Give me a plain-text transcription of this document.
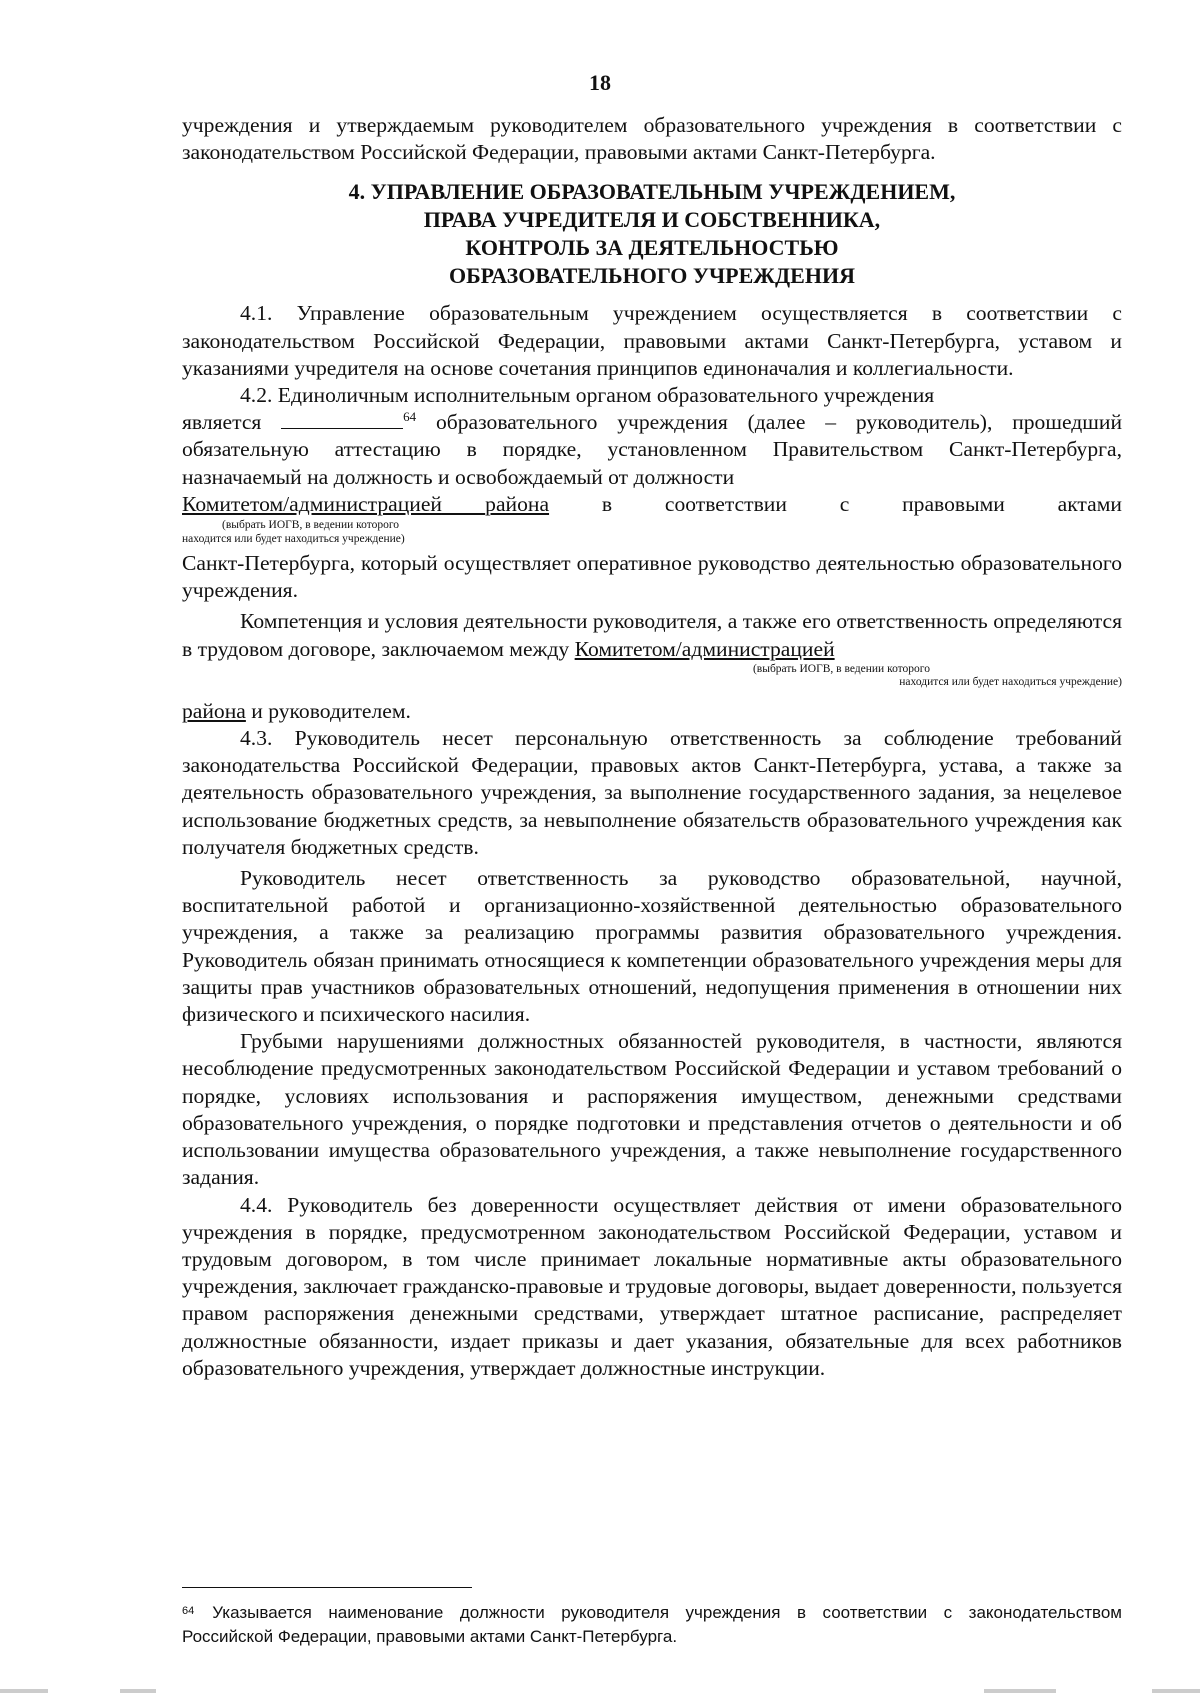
18

учреждения и утверждаемым руководителем образовательного учреждения в соответствии с законодательством Российской Федерации, правовыми актами Санкт-Петербурга.

4. УПРАВЛЕНИЕ ОБРАЗОВАТЕЛЬНЫМ УЧРЕЖДЕНИЕМ,
ПРАВА УЧРЕДИТЕЛЯ И СОБСТВЕННИКА,
КОНТРОЛЬ ЗА ДЕЯТЕЛЬНОСТЬЮ
ОБРАЗОВАТЕЛЬНОГО УЧРЕЖДЕНИЯ

4.1. Управление образовательным учреждением осуществляется в соответствии с законодательством Российской Федерации, правовыми актами Санкт-Петербурга, уставом и указаниями учредителя на основе сочетания принципов единоначалия и коллегиальности.

4.2. Единоличным исполнительным органом образовательного учреждения

является	$^{64}$ образовательного учреждения (далее – руководитель), прошедший обязательную аттестацию в порядке, установленном Правительством Санкт-Петербурга, назначаемый на должность и освобождаемый от должности

Комитетом/администрацией района в соответствии с правовыми актами
(выбрать ИОГВ, в ведении которого
находится или будет находиться учреждение)

Санкт-Петербурга, который осуществляет оперативное руководство деятельностью образовательного учреждения.

Компетенция и условия деятельности руководителя, а также его ответственность определяются в трудовом договоре, заключаемом между Комитетом/администрацией

(выбрать ИОГВ, в ведении которого
находится или будет находиться учреждение)

района и руководителем.

4.3. Руководитель несет персональную ответственность за соблюдение требований законодательства Российской Федерации, правовых актов Санкт-Петербурга, устава, а также за деятельность образовательного учреждения, за выполнение государственного задания, за нецелевое использование бюджетных средств, за невыполнение обязательств образовательного учреждения как получателя бюджетных средств.

Руководитель несет ответственность за руководство образовательной, научной, воспитательной работой и организационно-хозяйственной деятельностью образовательного учреждения, а также за реализацию программы развития образовательного учреждения. Руководитель обязан принимать относящиеся к компетенции образовательного учреждения меры для защиты прав участников образовательных отношений, недопущения применения в отношении них физического и психического насилия.

Грубыми нарушениями должностных обязанностей руководителя, в частности, являются несоблюдение предусмотренных законодательством Российской Федерации и уставом требований о порядке, условиях использования и распоряжения имуществом, денежными средствами образовательного учреждения, о порядке подготовки и представления отчетов о деятельности и об использовании имущества образовательного учреждения, а также невыполнение государственного задания.

4.4. Руководитель без доверенности осуществляет действия от имени образовательного учреждения в порядке, предусмотренном законодательством Российской Федерации, уставом и трудовым договором, в том числе принимает локальные нормативные акты образовательного учреждения, заключает гражданско-правовые и трудовые договоры, выдает доверенности, пользуется правом распоряжения денежными средствами, утверждает штатное расписание, распределяет должностные обязанности, издает приказы и дает указания, обязательные для всех работников образовательного учреждения, утверждает должностные инструкции.

$^{64}$ Указывается наименование должности руководителя учреждения в соответствии с законодательством Российской Федерации, правовыми актами Санкт-Петербурга.
